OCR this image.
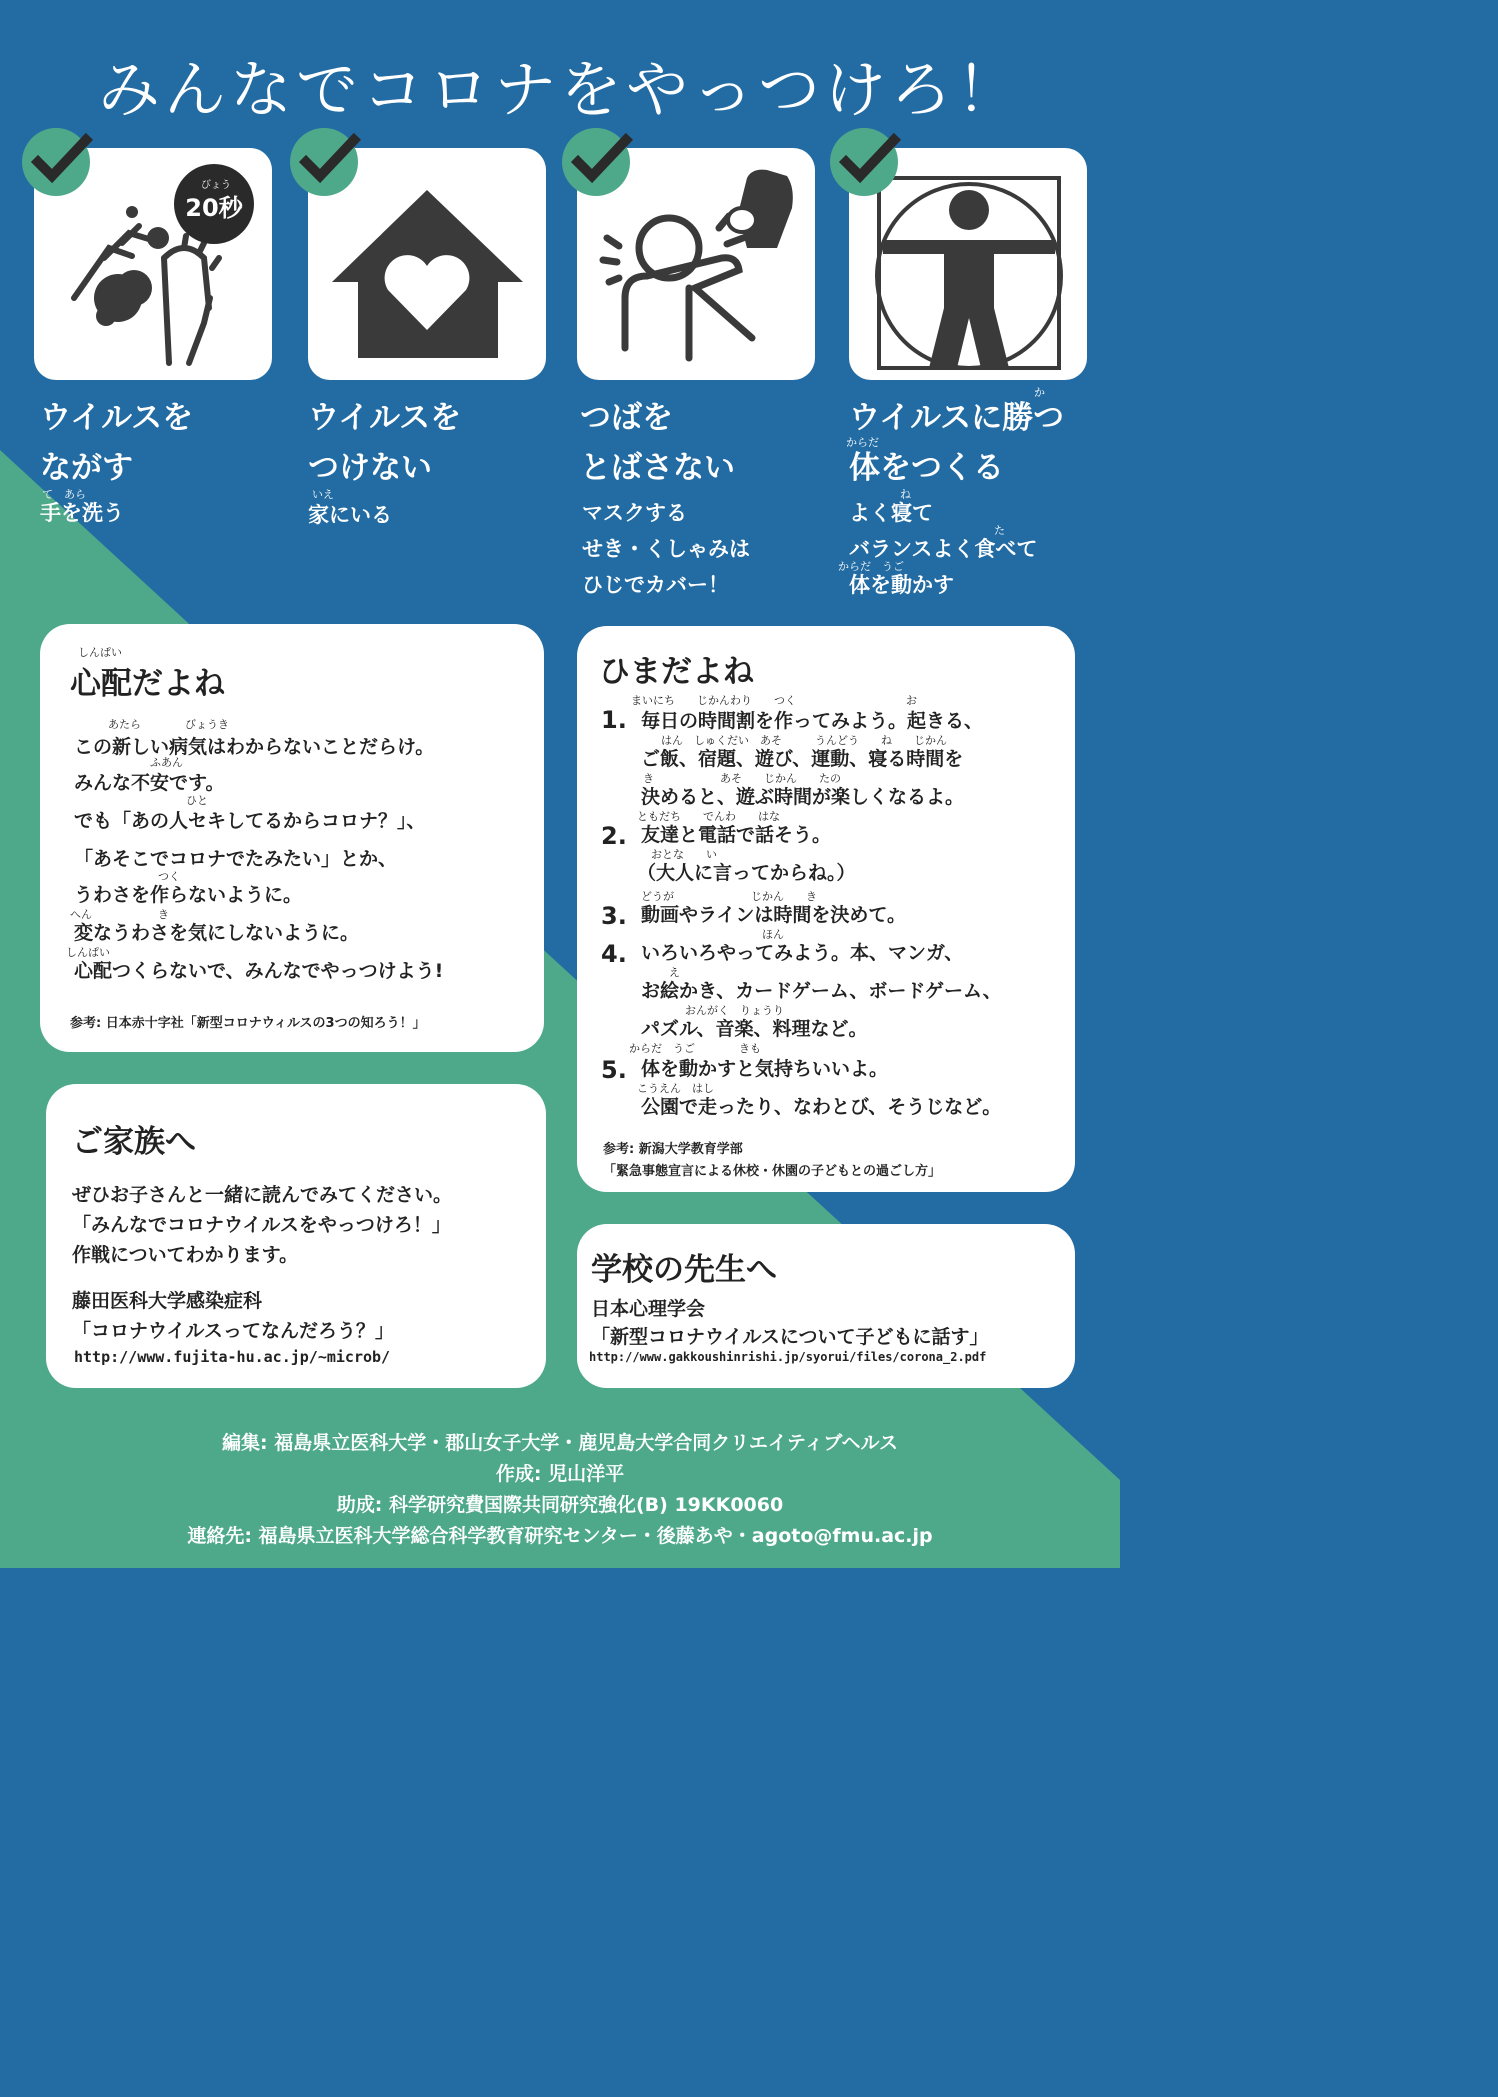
みんなでコロナをやっつけろ！
びょう
20秒
ウイルスを
ながす
て　あら
手を洗う
ウイルスを
つけない
いえ
家にいる
つばを
とばさない
マスクする
せき・くしゃみは
ひじでカバー！
か
ウイルスに勝つ
からだ
体をつくる
ね
よく寝て
た
バランスよく食べて
からだ　うご
体を動かす
しんぱい
心配だよね
あたら　　　　びょうき
この新しい病気はわからないことだらけ。
ふあん
みんな不安です。
ひと
でも「あの人セキしてるからコロナ？」、
「あそこでコロナでたみたい」とか、
つく
うわさを作らないように。
へん　　　　　　き
変なうわさを気にしないように。
しんぱい
心配つくらないで、みんなでやっつけよう!
参考: 日本赤十字社「新型コロナウィルスの3つの知ろう！」
ひまだよね
1.
まいにち　　じかんわり　　つく　　　　　　　　　　お
毎日の時間割を作ってみよう。起きる、
はん　しゅくだい　あそ　　　うんどう　　ね　　じかん
ご飯、宿題、遊び、運動、寝る時間を
き　　　　　　あそ　　じかん　　たの
決めると、遊ぶ時間が楽しくなるよ。
2.
ともだち　　でんわ　　はな
友達と電話で話そう。
おとな　　い
（大人に言ってからね。）
3.
どうが　　　　　　　じかん　　き
動画やラインは時間を決めて。
4.
　　　　　　　　　　　ほん
いろいろやってみよう。本、マンガ、
え
お絵かき、カードゲーム、ボードゲーム、
　　　　おんがく　りょうり
パズル、音楽、料理など。
5.
からだ　うご　　　　きも
体を動かすと気持ちいいよ。
こうえん　はし
公園で走ったり、なわとび、そうじなど。
参考: 新潟大学教育学部
「緊急事態宣言による休校・休園の子どもとの過ごし方」
ご家族へ
ぜひお子さんと一緒に読んでみてください。
「みんなでコロナウイルスをやっつけろ！」
作戦についてわかります。
藤田医科大学感染症科
「コロナウイルスってなんだろう？」
http://www.fujita-hu.ac.jp/~microb/
学校の先生へ
日本心理学会
「新型コロナウイルスについて子どもに話す」
http://www.gakkoushinrishi.jp/syorui/files/corona_2.pdf
編集: 福島県立医科大学・郡山女子大学・鹿児島大学合同クリエイティブヘルス
作成: 児山洋平
助成: 科学研究費国際共同研究強化(B) 19KK0060
連絡先: 福島県立医科大学総合科学教育研究センター・後藤あや・agoto@fmu.ac.jp
